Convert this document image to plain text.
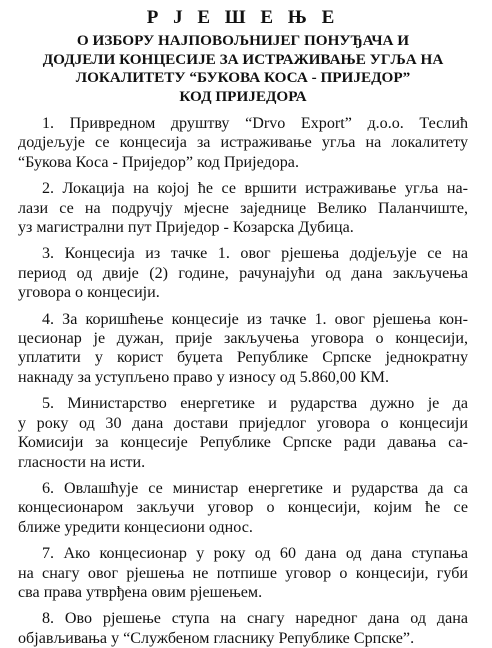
Р Ј Е Ш Е Њ Е
О ИЗБОРУ НАЈПОВОЉНИЈЕГ ПОНУЂАЧА И
ДОДЈЕЛИ КОНЦЕСИЈЕ ЗА ИСТРАЖИВАЊЕ УГЉА НА
ЛОКАЛИТЕТУ “БУКОВА КОСА - ПРИЈЕДОР”
КОД ПРИЈЕДОРА
1. Привредном друштву “Drvo Export” д.о.о. Теслић
додјељује се концесија за истраживање угља на локалитету
“Букова Коса - Приједор” код Приједора.
2. Локација на којој ће се вршити истраживање угља на-
лази се на подручју мјесне заједнице Велико Паланчиште,
уз магистрални пут Приједор - Козарска Дубица.
3. Концесија из тачке 1. овог рјешења додјељује се на
период од двије (2) године, рачунајући од дана закључења
уговора о концесији.
4. За коришћење концесије из тачке 1. овог рјешења кон-
цесионар је дужан, прије закључења уговора о концесији,
уплатити у корист буџета Републике Српске једнократну
накнаду за уступљено право у износу од 5.860,00 КМ.
5. Министарство енергетике и рударства дужно је да
у року од 30 дана достави приједлог уговора о концесији
Комисији за концесије Републике Српске ради давања са-
гласности на исти.
6. Овлашћује се министар енергетике и рударства да са
концесионаром закључи уговор о концесији, којим ће се
ближе уредити концесиони однос.
7. Ако концесионар у року од 60 дана од дана ступања
на снагу овог рјешења не потпише уговор о концесији, губи
сва права утврђена овим рјешењем.
8. Ово рјешење ступа на снагу наредног дана од дана
објављивања у “Службеном гласнику Републике Српске”.
